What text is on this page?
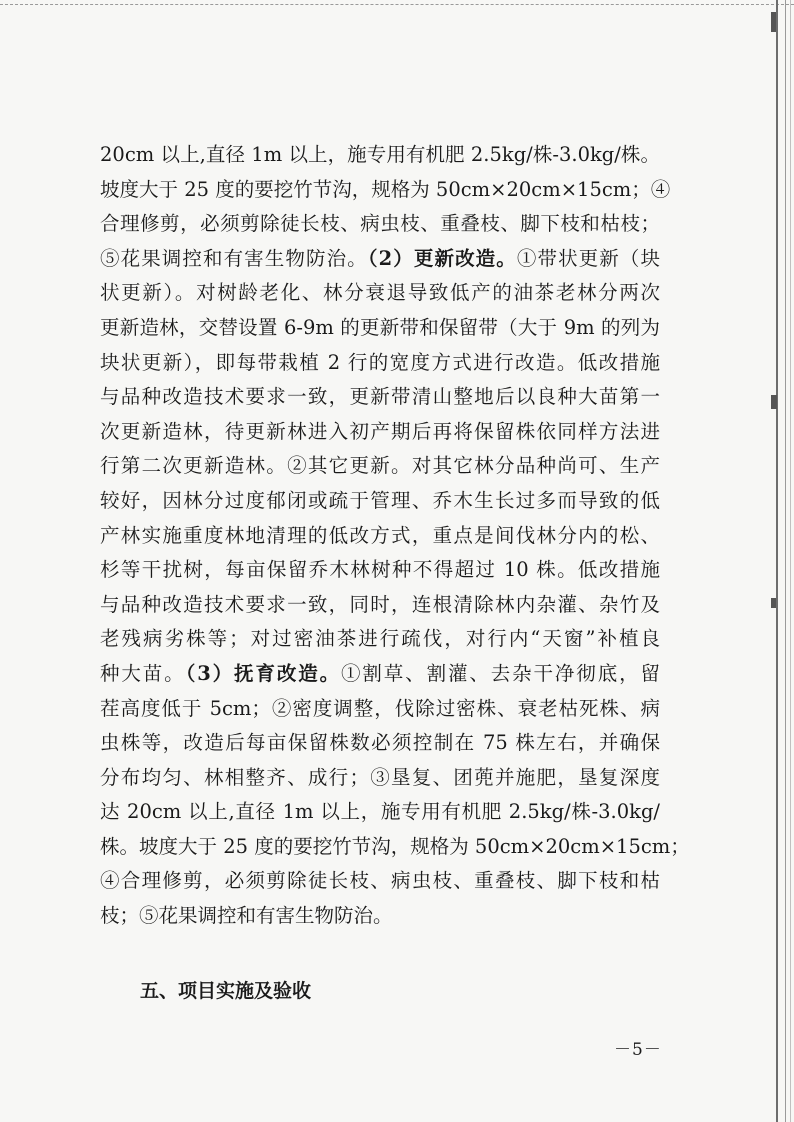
20cm 以上,直径 1m 以上，施专用有机肥 2.5kg/株-3.0kg/株。
坡度大于 25 度的要挖竹节沟，规格为 50cm×20cm×15cm；④
合理修剪，必须剪除徒长枝、病虫枝、重叠枝、脚下枝和枯枝；
⑤花果调控和有害生物防治。（2）更新改造。①带状更新（块
状更新）。对树龄老化、林分衰退导致低产的油茶老林分两次
更新造林，交替设置 6-9m 的更新带和保留带（大于 9m 的列为
块状更新），即每带栽植 2 行的宽度方式进行改造。低改措施
与品种改造技术要求一致，更新带清山整地后以良种大苗第一
次更新造林，待更新林进入初产期后再将保留株依同样方法进
行第二次更新造林。②其它更新。对其它林分品种尚可、生产
较好，因林分过度郁闭或疏于管理、乔木生长过多而导致的低
产林实施重度林地清理的低改方式，重点是间伐林分内的松、
杉等干扰树，每亩保留乔木林树种不得超过 10 株。低改措施
与品种改造技术要求一致，同时，连根清除林内杂灌、杂竹及
老残病劣株等；对过密油茶进行疏伐，对行内“天窗”补植良
种大苗。（3）抚育改造。①割草、割灌、去杂干净彻底，留
茬高度低于 5cm；②密度调整，伐除过密株、衰老枯死株、病
虫株等，改造后每亩保留株数必须控制在 75 株左右，并确保
分布均匀、林相整齐、成行；③垦复、团蔸并施肥，垦复深度
达 20cm 以上,直径 1m 以上，施专用有机肥 2.5kg/株-3.0kg/
株。坡度大于 25 度的要挖竹节沟，规格为 50cm×20cm×15cm；
④合理修剪，必须剪除徒长枝、病虫枝、重叠枝、脚下枝和枯
枝；⑤花果调控和有害生物防治。
五、项目实施及验收
－5－
